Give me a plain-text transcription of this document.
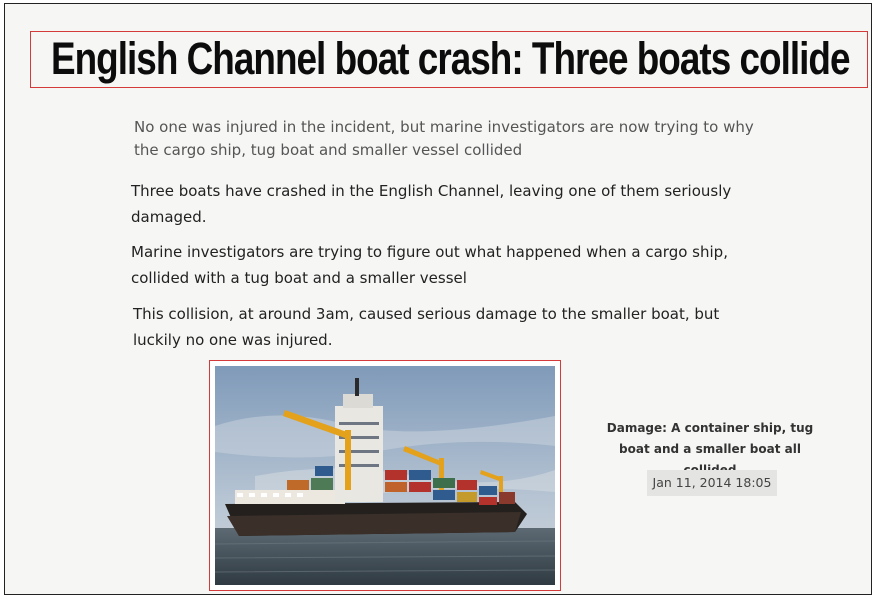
English Channel boat crash: Three boats collide
No one was injured in the incident, but marine investigators are now trying to why the cargo ship, tug boat and smaller vessel collided
Three boats have crashed in the English Channel, leaving one of them seriously damaged.
Marine investigators are trying to figure out what happened when a cargo ship, collided with a tug boat and a smaller vessel
This collision, at around 3am, caused serious damage to the smaller boat, but luckily no one was injured.
Damage: A container ship, tug boat and a smaller boat all
Jan 11, 2014 18:05
